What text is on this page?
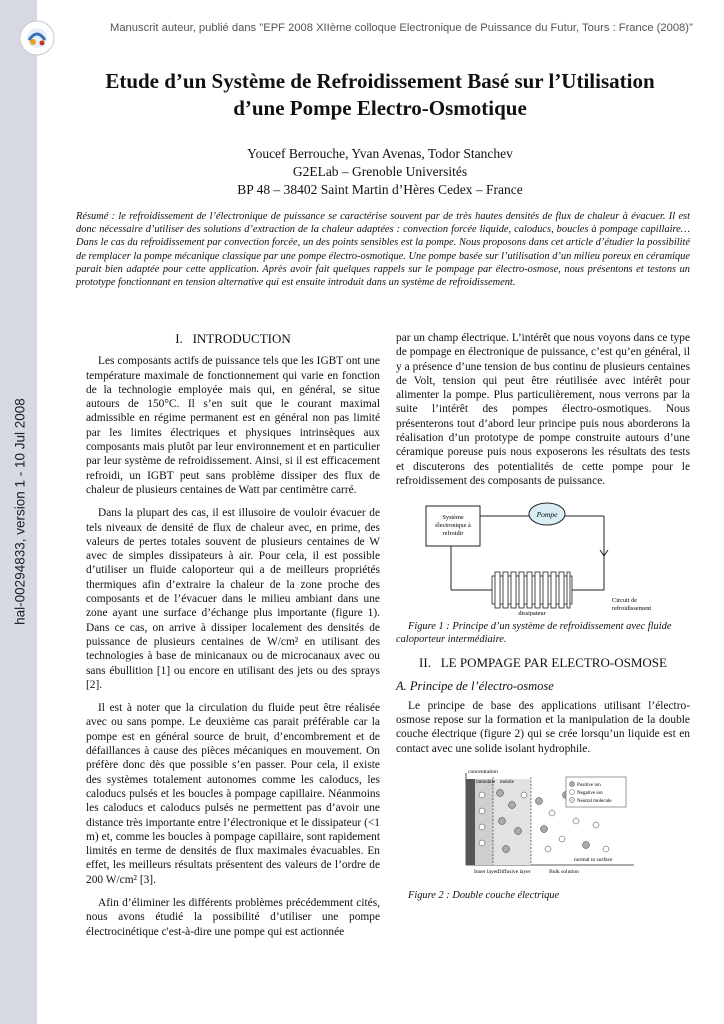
hal-00294833, version 1 - 10 Jul 2008
Manuscrit auteur, publié dans "EPF 2008 XIIème colloque Electronique de Puissance du Futur, Tours : France (2008)"
Etude d’un Système de Refroidissement Basé sur l’Utilisation
d’une Pompe Electro-Osmotique
Youcef Berrouche, Yvan Avenas, Todor Stanchev
G2ELab – Grenoble Universités
BP 48 – 38402 Saint Martin d’Hères Cedex – France
Résumé : le refroidissement de l’électronique de puissance se caractérise souvent par de très hautes densités de flux de chaleur à évacuer. Il est donc nécessaire d’utiliser des solutions d’extraction de la chaleur adaptées : convection forcée liquide, caloducs, boucles à pompage capillaire… Dans le cas du refroidissement par convection forcée, un des points sensibles est la pompe. Nous proposons dans cet article d’étudier la possibilité de remplacer la pompe mécanique classique par une pompe électro-osmotique. Une pompe basée sur l’utilisation d’un milieu poreux en céramique parait bien adaptée pour cette application. Après avoir fait quelques rappels sur le pompage par électro-osmose, nous présentons et testons un prototype fonctionnant en tension alternative qui est ensuite introduit dans un système de refroidissement.
I. INTRODUCTION

Les composants actifs de puissance tels que les IGBT ont une température maximale de fonctionnement qui varie en fonction de la technologie employée mais qui, en général, se situe autours de 150°C. Il s’en suit que le courant maximal admissible en régime permanent est en général non pas limité par les limites électriques et physiques intrinsèques aux composants mais plutôt par leur environnement et en particulier par leur système de refroidissement. Ainsi, si il est efficacement refroidi, un IGBT peut sans problème dissiper des flux de chaleur de plusieurs centaines de Watt par centimètre carré.

Dans la plupart des cas, il est illusoire de vouloir évacuer de tels niveaux de densité de flux de chaleur avec, en prime, des valeurs de pertes totales souvent de plusieurs centaines de W avec de simples dissipateurs à air. Pour cela, il est possible d’utiliser un fluide caloporteur qui a de meilleurs propriétés thermiques afin d’extraire la chaleur de la zone proche des composants et de l’évacuer dans le milieu ambiant dans une zone ayant une surface d’échange plus importante (figure 1). Dans ce cas, on arrive à dissiper localement des densités de puissance de plusieurs centaines de W/cm² en utilisant des technologies à base de minicanaux ou de microcanaux avec ou sans ébullition [1] ou encore en utilisant des jets ou des sprays [2].

Il est à noter que la circulation du fluide peut être réalisée avec ou sans pompe. Le deuxième cas parait préférable car la pompe est en général source de bruit, d’encombrement et de défaillances à cause des pièces mécaniques en mouvement. On préfère donc dès que possible s’en passer. Pour cela, il existe des systèmes totalement autonomes comme les caloducs, les caloducs pulsés et les boucles à pompage capillaire. Néanmoins les caloducs et caloducs pulsés ne permettent pas d’avoir une distance très importante entre l’électronique et le dissipateur (<1 m) et, comme les boucles à pompage capillaire, sont rapidement limités en terme de densités de flux maximales évacuables. En effet, les meilleurs résultats présentent des valeurs de l’ordre de 200 W/cm² [3].

Afin d’éliminer les différents problèmes précédemment cités, nous avons étudié la possibilité d’utiliser une pompe électrocinétique c'est-à-dire une pompe qui est actionnée

par un champ électrique. L’intérêt que nous voyons dans ce type de pompage en électronique de puissance, c’est qu’en général, il y a présence d’une tension de bus continu de plusieurs centaines de Volt, tension qui peut être réutilisée avec intérêt pour alimenter la pompe. Plus particulièrement, nous verrons par la suite l’intérêt des pompes électro-osmotiques. Nous présenterons tout d’abord leur principe puis nous aborderons la réalisation d’un prototype de pompe construite autours d’une céramique poreuse puis nous exposerons les résultats des tests et discuterons des potentialités de cette pompe pour le refroidissement des composants de puissance.

Système
électronique à
refroidir
Pompe
dissipateur
Circuit de
refroidissement

Figure 1 : Principe d’un système de refroidissement avec fluide
caloporteur intermédiaire.

II. LE POMPAGE PAR ELECTRO-OSMOSE
A. Principe de l’électro-osmose

Le principe de base des applications utilisant l’électro-osmose repose sur la formation et la manipulation de la double couche électrique (figure 2) qui se crée lorsqu’un liquide est en contact avec une solide isolant hydrophile.

concentration
normal to surface
immobile mobile
Positive ion
Negative ion
Neutral molecule
Inner layer Diffusive layer	Bulk solution

Figure 2 : Double couche électrique
